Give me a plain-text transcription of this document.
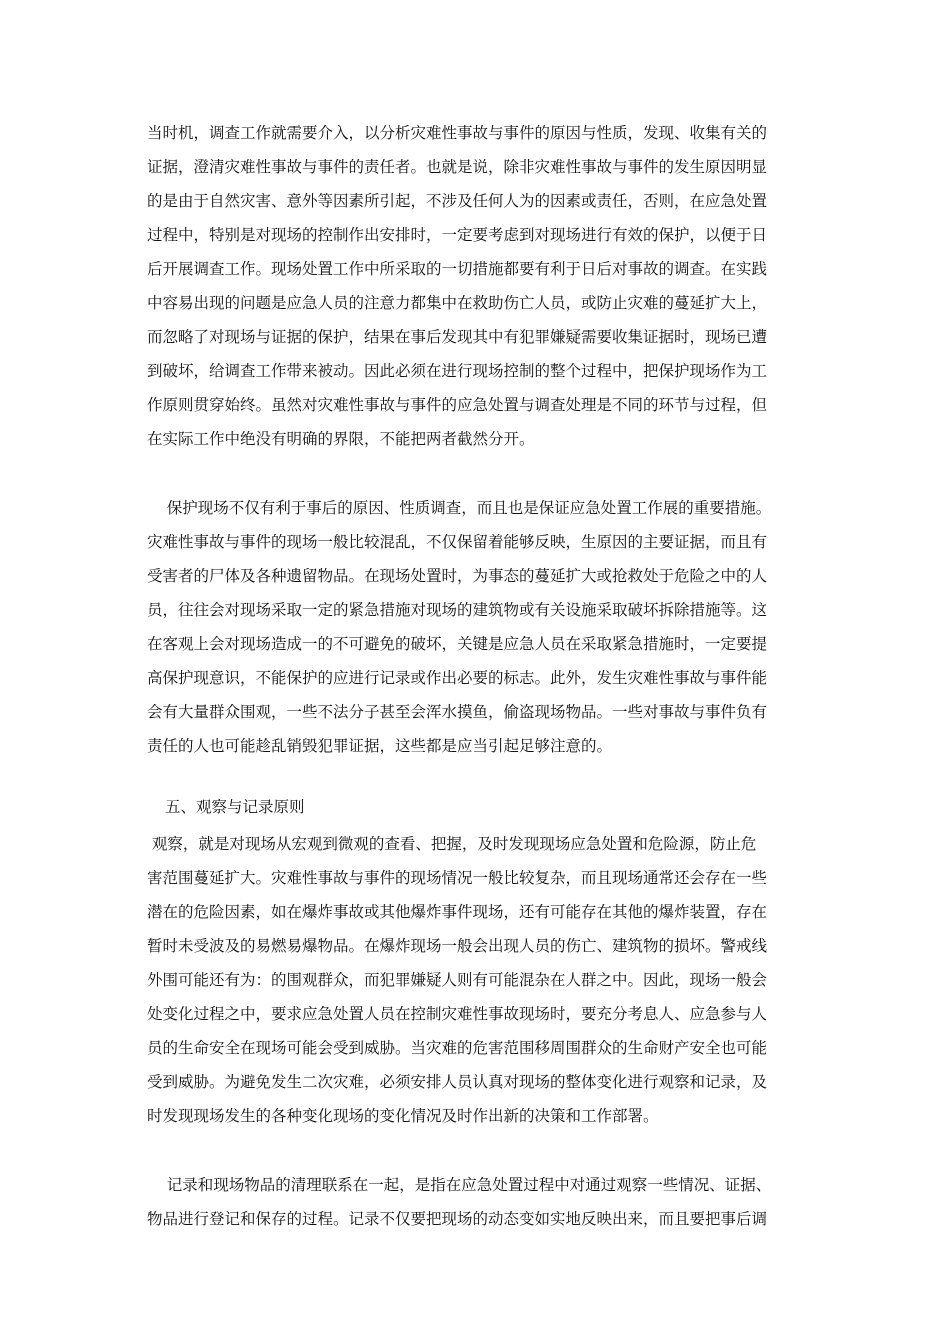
当时机，调查工作就需要介入，以分析灾难性事故与事件的原因与性质，发现、收集有关的
证据，澄清灾难性事故与事件的责任者。也就是说，除非灾难性事故与事件的发生原因明显
的是由于自然灾害、意外等因素所引起，不涉及任何人为的因素或责任，否则，在应急处置
过程中，特别是对现场的控制作出安排时，一定要考虑到对现场进行有效的保护，以便于日
后开展调查工作。现场处置工作中所采取的一切措施都要有利于日后对事故的调查。在实践
中容易出现的问题是应急人员的注意力都集中在救助伤亡人员，或防止灾难的蔓延扩大上，
而忽略了对现场与证据的保护，结果在事后发现其中有犯罪嫌疑需要收集证据时，现场已遭
到破坏，给调查工作带来被动。因此必须在进行现场控制的整个过程中，把保护现场作为工
作原则贯穿始终。虽然对灾难性事故与事件的应急处置与调查处理是不同的环节与过程，但
在实际工作中绝没有明确的界限，不能把两者截然分开。
保护现场不仅有利于事后的原因、性质调查，而且也是保证应急处置工作展的重要措施。
灾难性事故与事件的现场一般比较混乱，不仅保留着能够反映，生原因的主要证据，而且有
受害者的尸体及各种遗留物品。在现场处置时，为事态的蔓延扩大或抢救处于危险之中的人
员，往往会对现场采取一定的紧急措施对现场的建筑物或有关设施采取破坏拆除措施等。这
在客观上会对现场造成一的不可避免的破坏，关键是应急人员在采取紧急措施时，一定要提
高保护现意识，不能保护的应进行记录或作出必要的标志。此外，发生灾难性事故与事件能
会有大量群众围观，一些不法分子甚至会浑水摸鱼，偷盗现场物品。一些对事故与事件负有
责任的人也可能趁乱销毁犯罪证据，这些都是应当引起足够注意的。
五、观察与记录原则
观察，就是对现场从宏观到微观的查看、把握，及时发现现场应急处置和危险源，防止危
害范围蔓延扩大。灾难性事故与事件的现场情况一般比较复杂，而且现场通常还会存在一些
潜在的危险因素，如在爆炸事故或其他爆炸事件现场，还有可能存在其他的爆炸装置，存在
暂时未受波及的易燃易爆物品。在爆炸现场一般会出现人员的伤亡、建筑物的损坏。警戒线
外围可能还有为：的围观群众，而犯罪嫌疑人则有可能混杂在人群之中。因此，现场一般会
处变化过程之中，要求应急处置人员在控制灾难性事故现场时，要充分考息人、应急参与人
员的生命安全在现场可能会受到威胁。当灾难的危害范围移周围群众的生命财产安全也可能
受到威胁。为避免发生二次灾难，必须安排人员认真对现场的整体变化进行观察和记录，及
时发现现场发生的各种变化现场的变化情况及时作出新的决策和工作部署。
记录和现场物品的清理联系在一起，是指在应急处置过程中对通过观察一些情况、证据、
物品进行登记和保存的过程。记录不仅要把现场的动态变如实地反映出来，而且要把事后调
